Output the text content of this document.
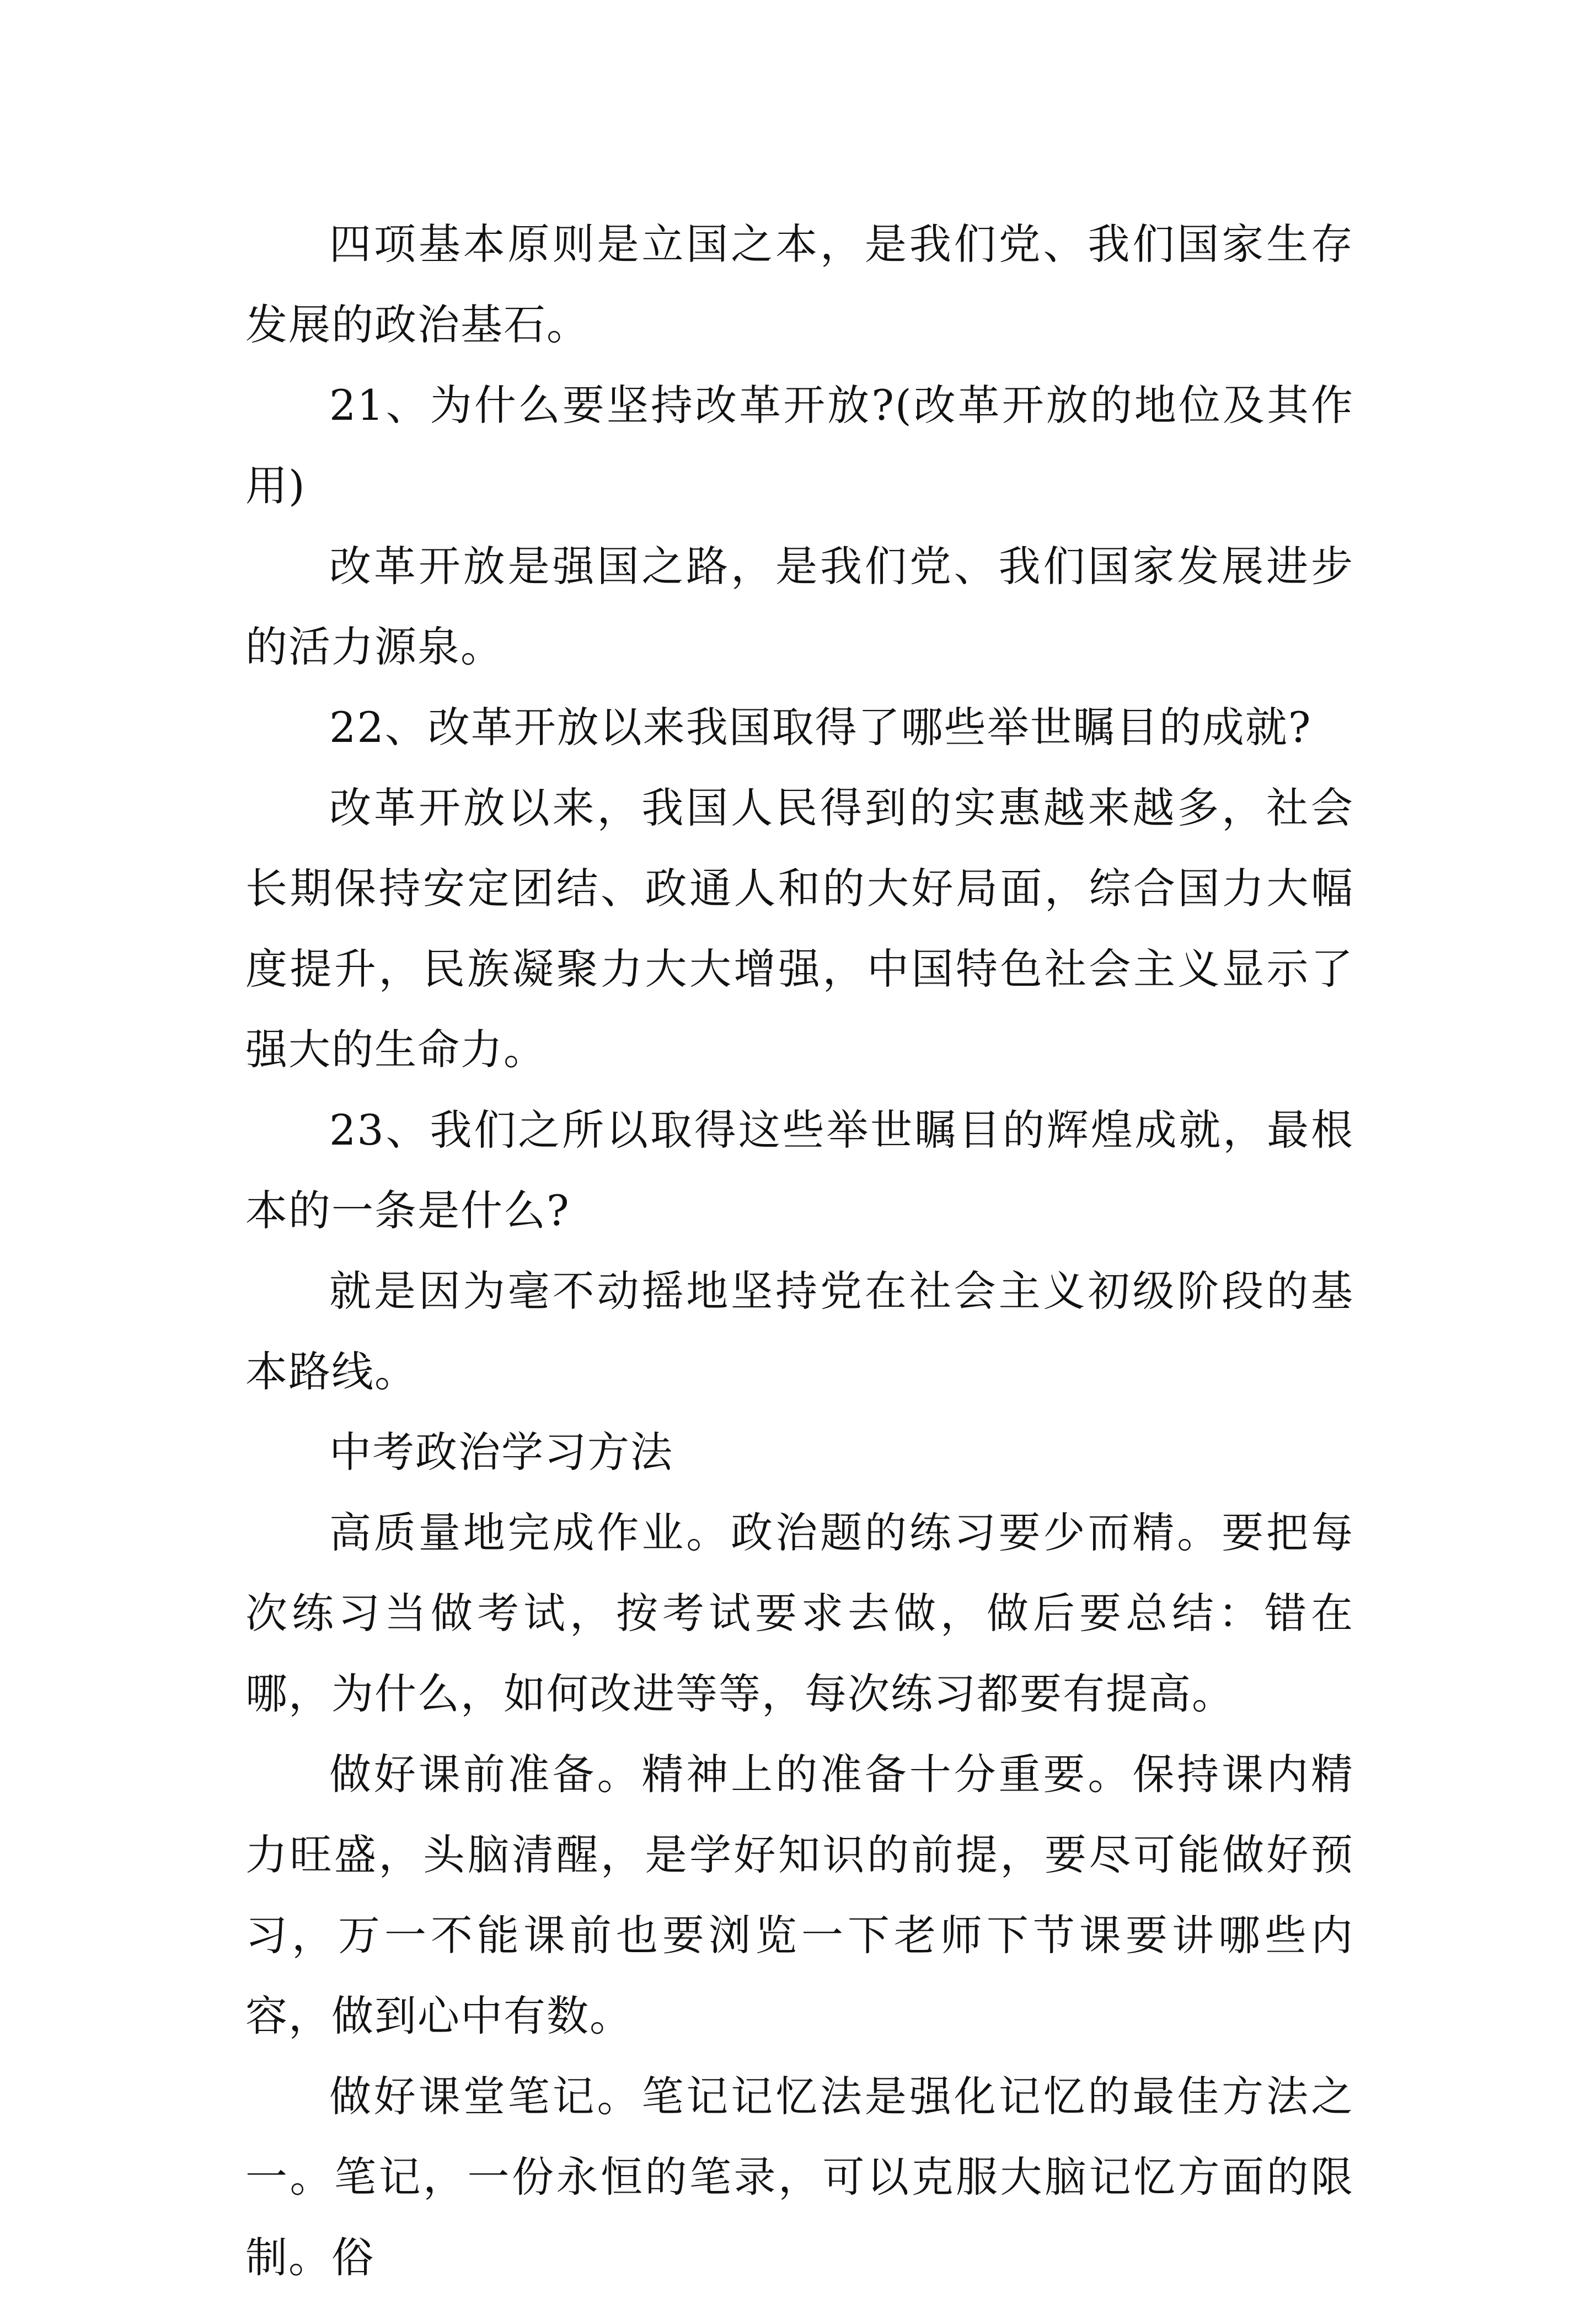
四项基本原则是立国之本，是我们党、我们国家生存发展的政治基石。

21、为什么要坚持改革开放?(改革开放的地位及其作用)

改革开放是强国之路，是我们党、我们国家发展进步的活力源泉。

22、改革开放以来我国取得了哪些举世瞩目的成就?

改革开放以来，我国人民得到的实惠越来越多，社会长期保持安定团结、政通人和的大好局面，综合国力大幅度提升，民族凝聚力大大增强，中国特色社会主义显示了强大的生命力。

23、我们之所以取得这些举世瞩目的辉煌成就，最根本的一条是什么?

就是因为毫不动摇地坚持党在社会主义初级阶段的基本路线。

中考政治学习方法

高质量地完成作业。政治题的练习要少而精。要把每次练习当做考试，按考试要求去做，做后要总结：错在哪，为什么，如何改进等等，每次练习都要有提高。

做好课前准备。精神上的准备十分重要。保持课内精力旺盛，头脑清醒，是学好知识的前提，要尽可能做好预习，万一不能课前也要浏览一下老师下节课要讲哪些内容，做到心中有数。

做好课堂笔记。笔记记忆法是强化记忆的最佳方法之一。笔记，一份永恒的笔录，可以克服大脑记忆方面的限制。俗
